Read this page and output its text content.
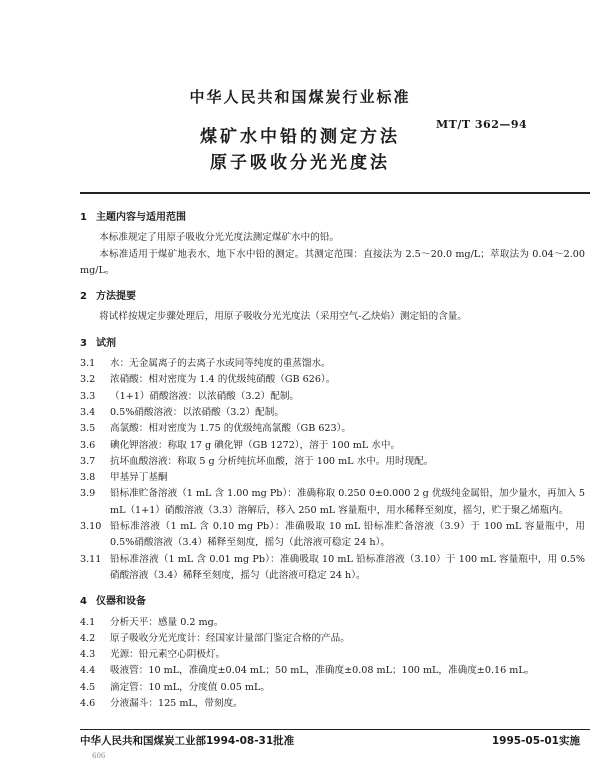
中华人民共和国煤炭行业标准
MT/T 362—94
煤矿水中铅的测定方法
原子吸收分光光度法
1 主题内容与适用范围
本标准规定了用原子吸收分光光度法测定煤矿水中的铅。
本标准适用于煤矿地表水、地下水中铅的测定。其测定范围：直接法为 2.5～20.0 mg/L；萃取法为 0.04～2.00 mg/L。
2 方法提要
将试样按规定步骤处理后，用原子吸收分光光度法（采用空气-乙炔焰）测定铅的含量。
3 试剂
3.1	水：无金属离子的去离子水或同等纯度的重蒸馏水。
3.2	浓硝酸：相对密度为 1.4 的优级纯硝酸（GB 626）。
3.3	（1+1）硝酸溶液：以浓硝酸（3.2）配制。
3.4	0.5%硝酸溶液：以浓硝酸（3.2）配制。
3.5	高氯酸：相对密度为 1.75 的优级纯高氯酸（GB 623）。
3.6	碘化钾溶液：称取 17 g 碘化钾（GB 1272），溶于 100 mL 水中。
3.7	抗坏血酸溶液：称取 5 g 分析纯抗坏血酸，溶于 100 mL 水中。用时现配。
3.8	甲基异丁基酮
3.9	铅标准贮备溶液（1 mL 含 1.00 mg Pb）：准确称取 0.250 0±0.000 2 g 优级纯金属铅，加少量水，再加入 5 mL（1+1）硝酸溶液（3.3）溶解后，移入 250 mL 容量瓶中，用水稀释至刻度，摇匀，贮于聚乙烯瓶内。
3.10 铅标准溶液（1 mL 含 0.10 mg Pb）：准确吸取 10 mL 铅标准贮备溶液（3.9）于 100 mL 容量瓶中，用 0.5%硝酸溶液（3.4）稀释至刻度，摇匀（此溶液可稳定 24 h）。
3.11 铅标准溶液（1 mL 含 0.01 mg Pb）：准确吸取 10 mL 铅标准溶液（3.10）于 100 mL 容量瓶中，用 0.5%硝酸溶液（3.4）稀释至刻度，摇匀（此溶液可稳定 24 h）。
4 仪器和设备
4.1	分析天平：感量 0.2 mg。
4.2	原子吸收分光光度计：经国家计量部门鉴定合格的产品。
4.3	光源：铅元素空心阴极灯。
4.4	吸液管：10 mL，准确度±0.04 mL；50 mL，准确度±0.08 mL；100 mL，准确度±0.16 mL。
4.5	滴定管：10 mL，分度值 0.05 mL。
4.6	分液漏斗：125 mL，带刻度。
中华人民共和国煤炭工业部1994-08-31批准	1995-05-01实施
606
